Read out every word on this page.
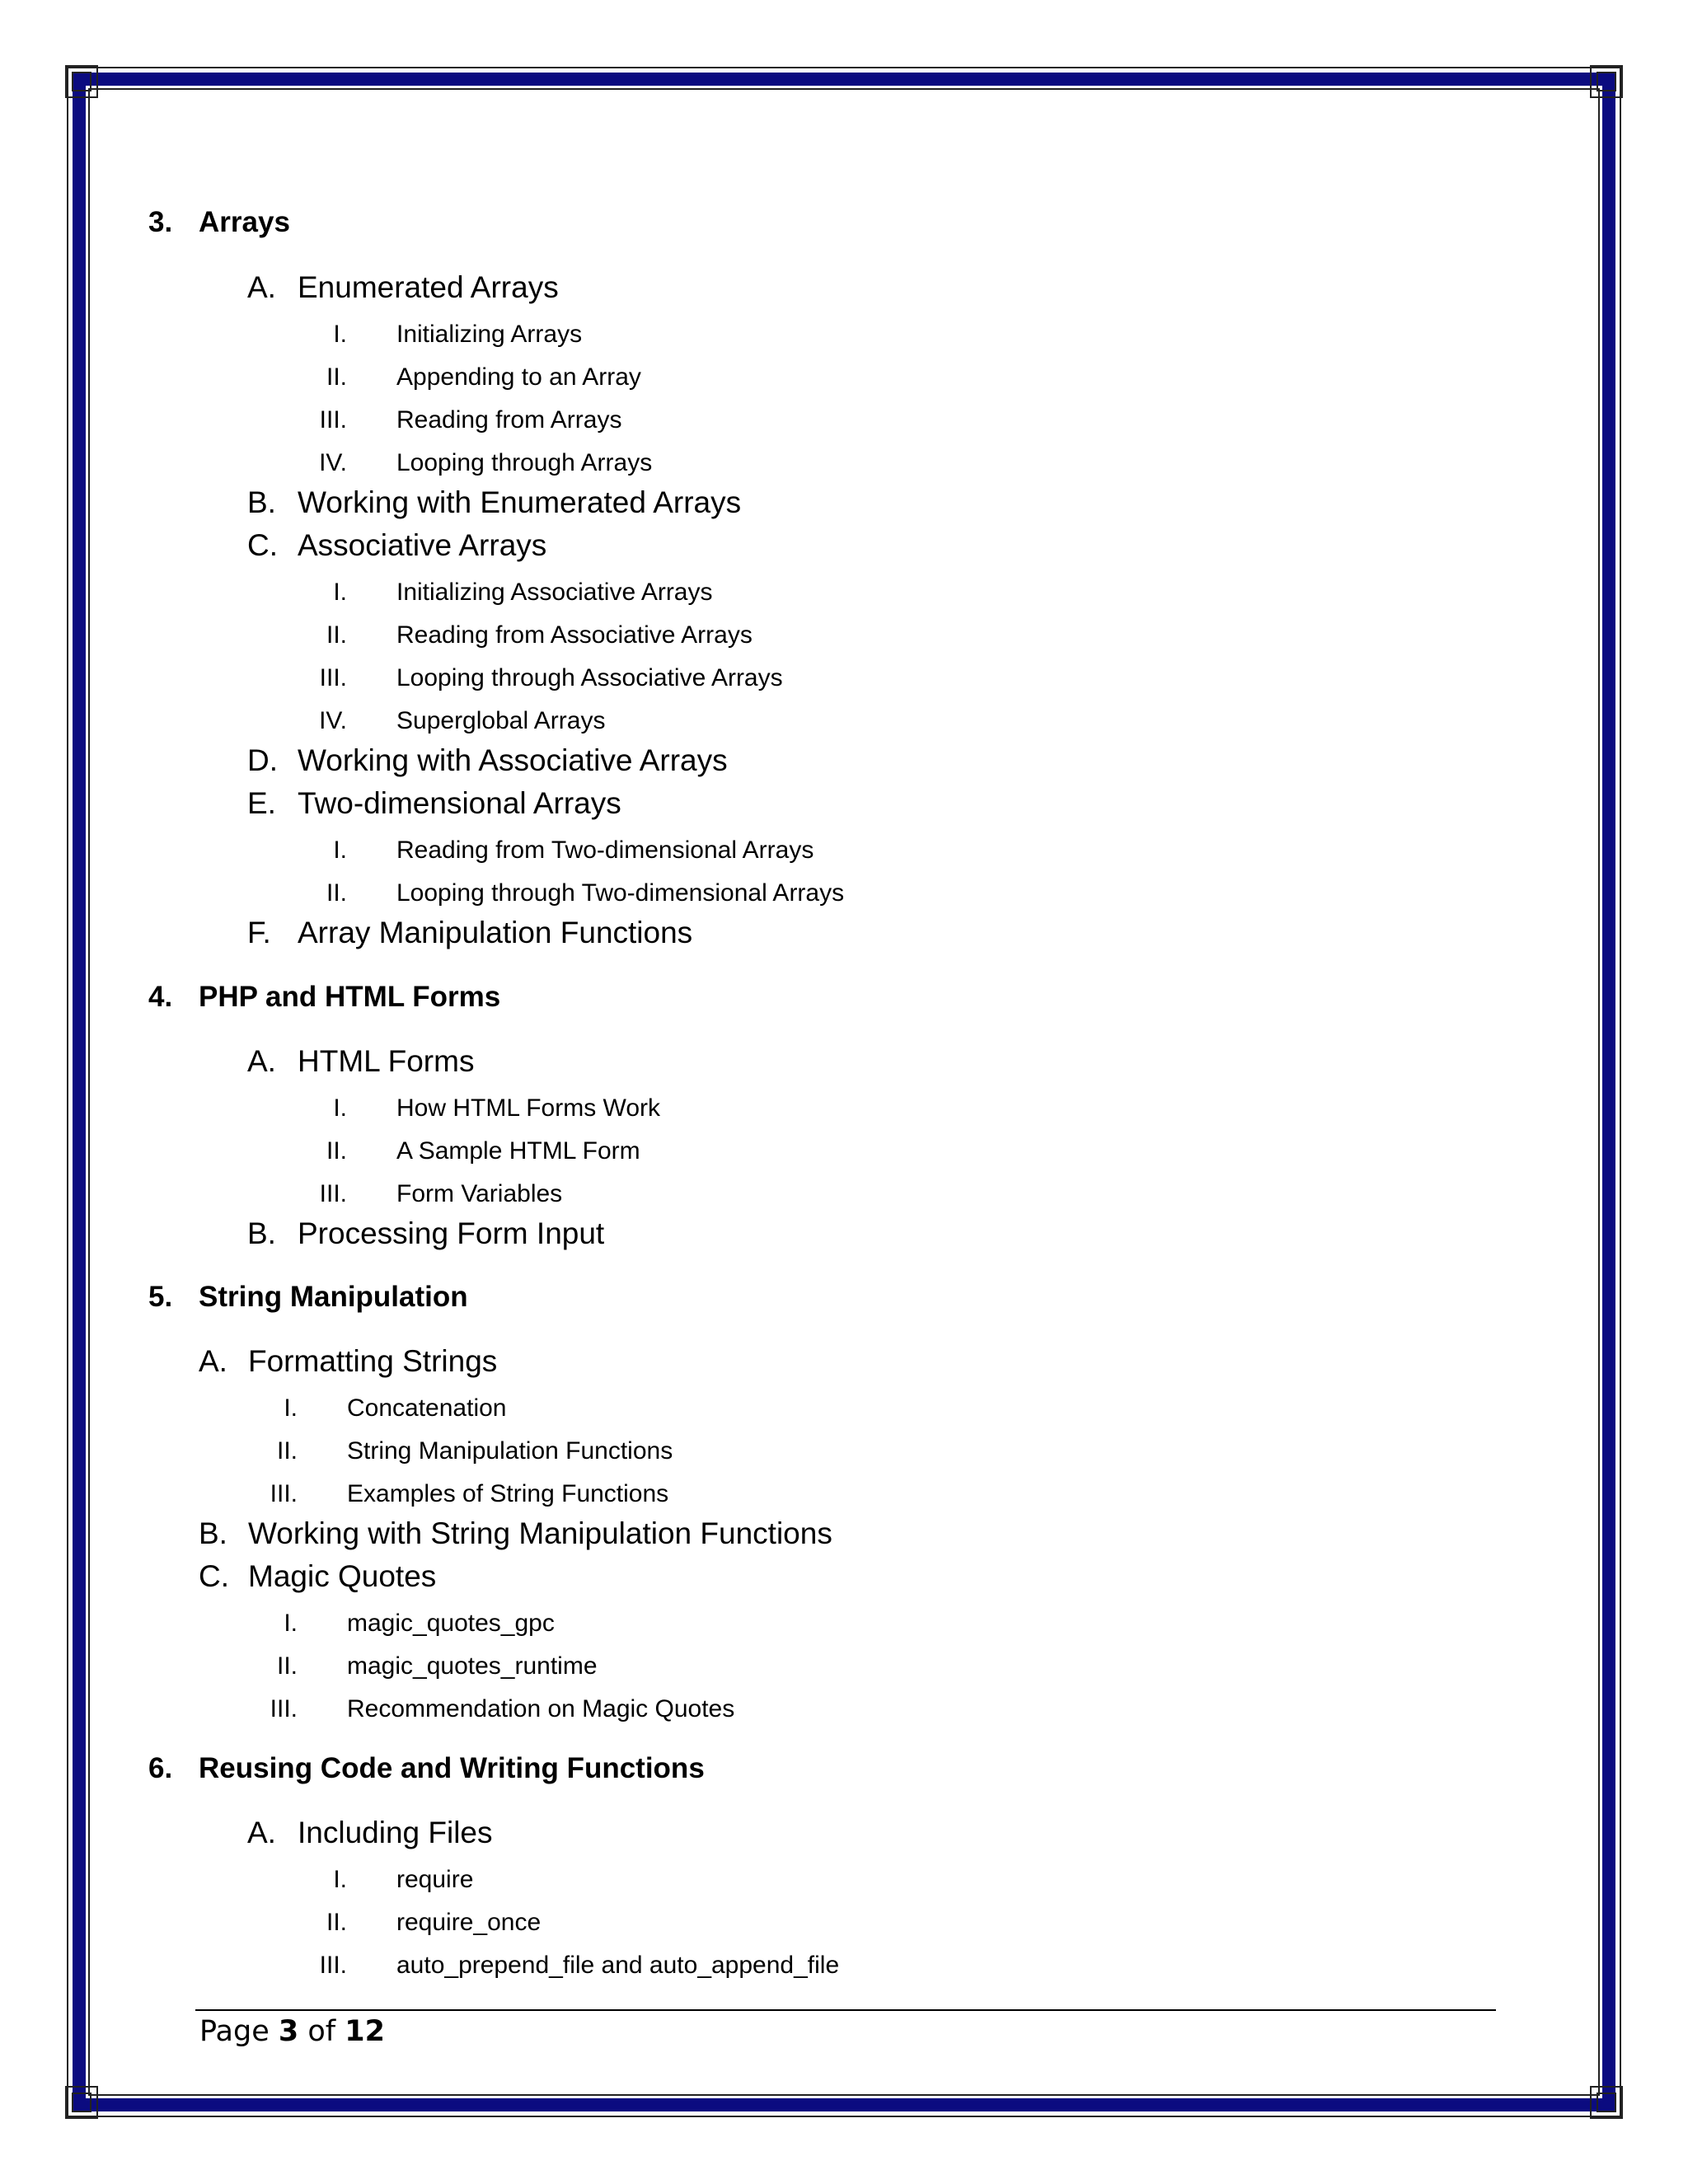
3. Arrays
A. Enumerated Arrays
I. Initializing Arrays
II. Appending to an Array
III. Reading from Arrays
IV. Looping through Arrays
B. Working with Enumerated Arrays
C. Associative Arrays
I. Initializing Associative Arrays
II. Reading from Associative Arrays
III. Looping through Associative Arrays
IV. Superglobal Arrays
D. Working with Associative Arrays
E. Two-dimensional Arrays
I. Reading from Two-dimensional Arrays
II. Looping through Two-dimensional Arrays
F. Array Manipulation Functions
4. PHP and HTML Forms
A. HTML Forms
I. How HTML Forms Work
II. A Sample HTML Form
III. Form Variables
B. Processing Form Input
5. String Manipulation
A. Formatting Strings
I. Concatenation
II. String Manipulation Functions
III. Examples of String Functions
B. Working with String Manipulation Functions
C. Magic Quotes
I. magic_quotes_gpc
II. magic_quotes_runtime
III. Recommendation on Magic Quotes
6. Reusing Code and Writing Functions
A. Including Files
I. require
II. require_once
III. auto_prepend_file and auto_append_file
Page 3 of 12
